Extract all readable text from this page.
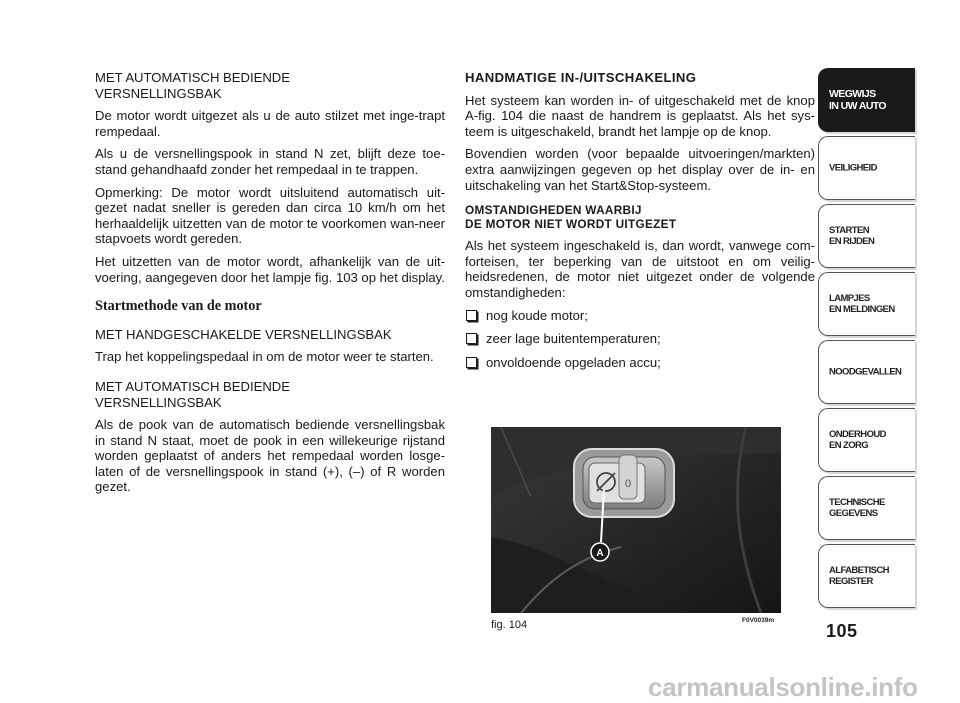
MET AUTOMATISCH BEDIENDE
VERSNELLINGSBAK

De motor wordt uitgezet als u de auto stilzet met inge-trapt rempedaal.

Als u de versnellingspook in stand N zet, blijft deze toe-stand gehandhaafd zonder het rempedaal in te trappen.

Opmerking: De motor wordt uitsluitend automatisch uit-gezet nadat sneller is gereden dan circa 10 km/h om het herhaaldelijk uitzetten van de motor te voorkomen wan-neer stapvoets wordt gereden.

Het uitzetten van de motor wordt, afhankelijk van de uit-voering, aangegeven door het lampje fig. 103 op het display.

Startmethode van de motor

MET HANDGESCHAKELDE VERSNELLINGSBAK

Trap het koppelingspedaal in om de motor weer te starten.

MET AUTOMATISCH BEDIENDE
VERSNELLINGSBAK

Als de pook van de automatisch bediende versnellingsbak in stand N staat, moet de pook in een willekeurige rijstand worden geplaatst of anders het rempedaal worden losge-laten of de versnellingspook in stand (+), (–) of R worden gezet.

HANDMATIGE IN-/UITSCHAKELING

Het systeem kan worden in- of uitgeschakeld met de knop A-fig. 104 die naast de handrem is geplaatst. Als het sys-teem is uitgeschakeld, brandt het lampje op de knop.

Bovendien worden (voor bepaalde uitvoeringen/markten) extra aanwijzingen gegeven op het display over de in- en uitschakeling van het Start&Stop-systeem.

OMSTANDIGHEDEN WAARBIJ
DE MOTOR NIET WORDT UITGEZET

Als het systeem ingeschakeld is, dan wordt, vanwege com-forteisen, ter beperking van de uitstoot en om veilig-heidsredenen, de motor niet uitgezet onder de volgende omstandigheden:

nog koude motor;
zeer lage buitentemperaturen;
onvoldoende opgeladen accu;
0
A
fig. 104	F0V0039m
WEGWIJS
IN UW AUTO
VEILIGHEID
STARTEN
EN RIJDEN
LAMPJES
EN MELDINGEN
NOODGEVALLEN
ONDERHOUD
EN ZORG
TECHNISCHE
GEGEVENS
ALFABETISCH
REGISTER
105
carmanualsonline.info
